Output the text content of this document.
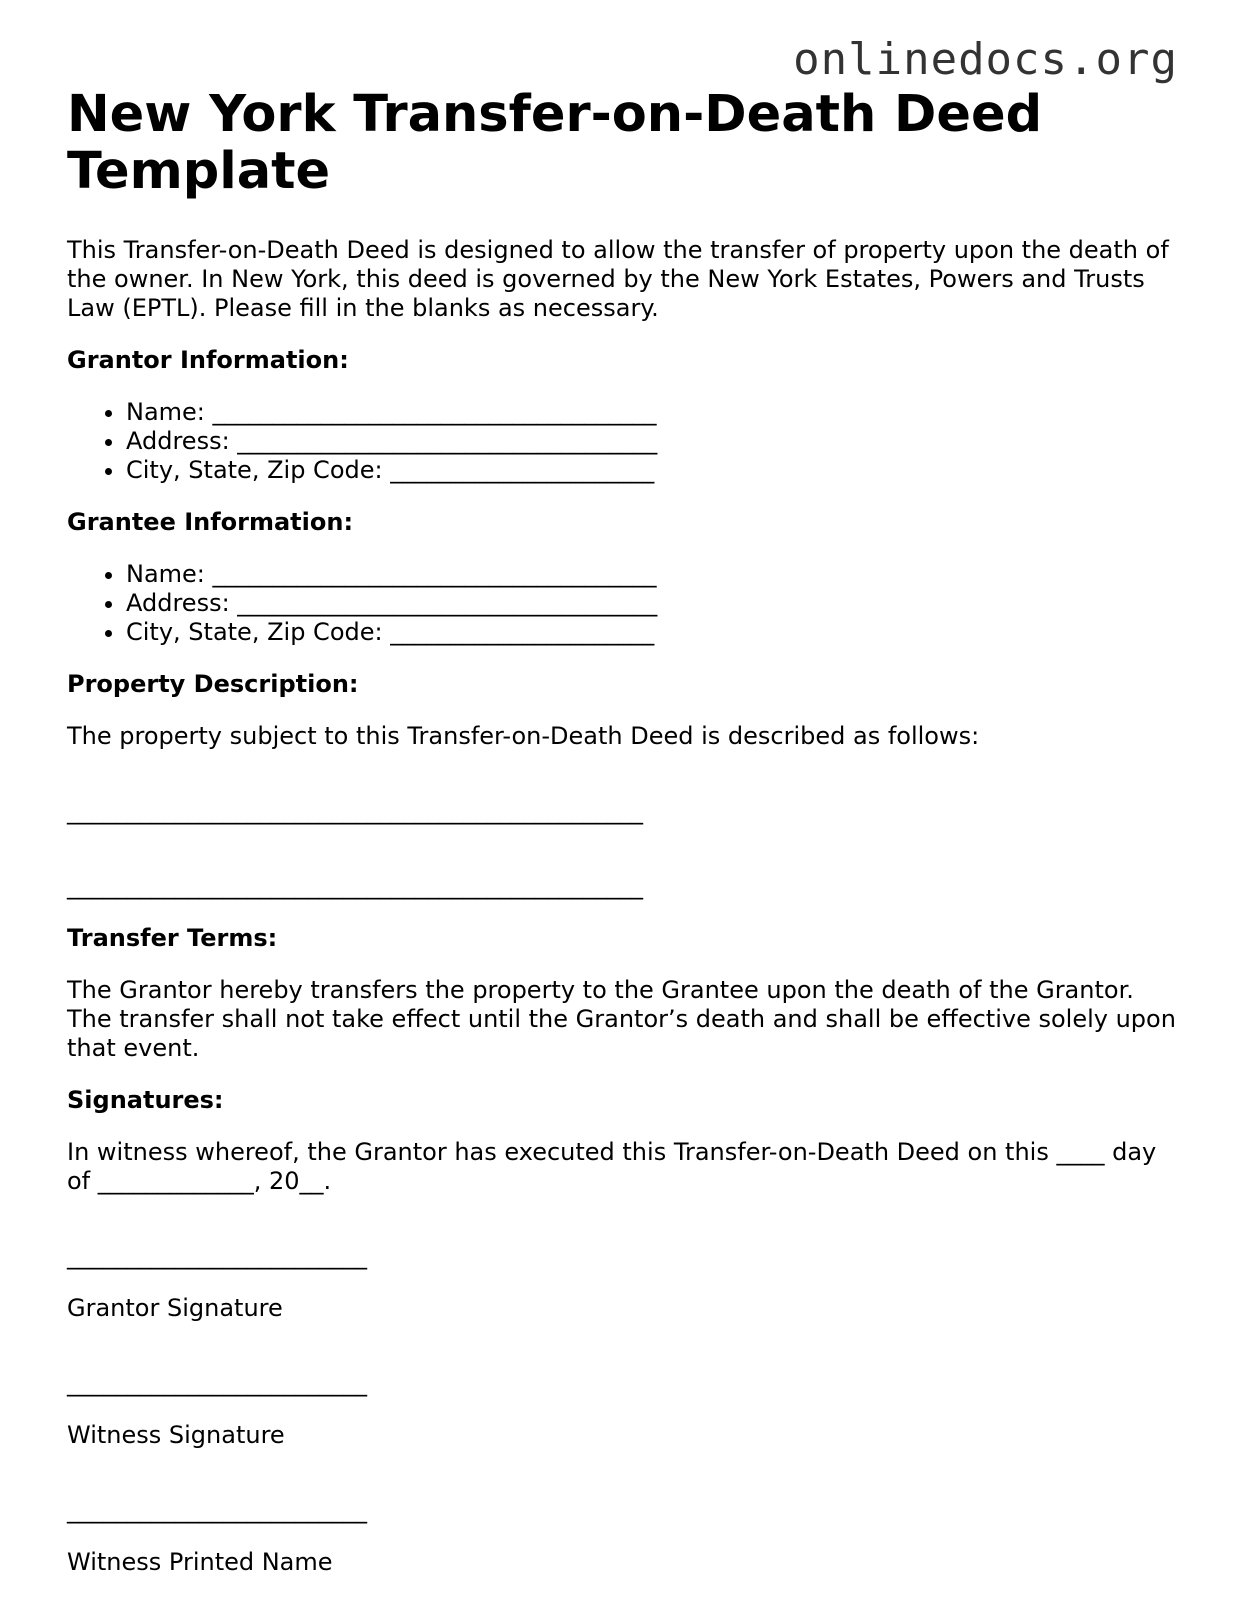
onlinedocs.org
New York Transfer-on-Death Deed Template

This Transfer-on-Death Deed is designed to allow the transfer of property upon the death of the owner. In New York, this deed is governed by the New York Estates, Powers and Trusts Law (EPTL). Please fill in the blanks as necessary.

Grantor Information:
• Name: _____________________________________
• Address: ___________________________________
• City, State, Zip Code: ______________________
Grantee Information:
• Name: _____________________________________
• Address: ___________________________________
• City, State, Zip Code: ______________________
Property Description:

The property subject to this Transfer-on-Death Deed is described as follows:

________________________________________________
________________________________________________
Transfer Terms:

The Grantor hereby transfers the property to the Grantee upon the death of the Grantor. The transfer shall not take effect until the Grantor’s death and shall be effective solely upon that event.

Signatures:

In witness whereof, the Grantor has executed this Transfer-on-Death Deed on this ____ day of _____________, 20__.

_________________________

Grantor Signature

_________________________

Witness Signature

_________________________

Witness Printed Name
